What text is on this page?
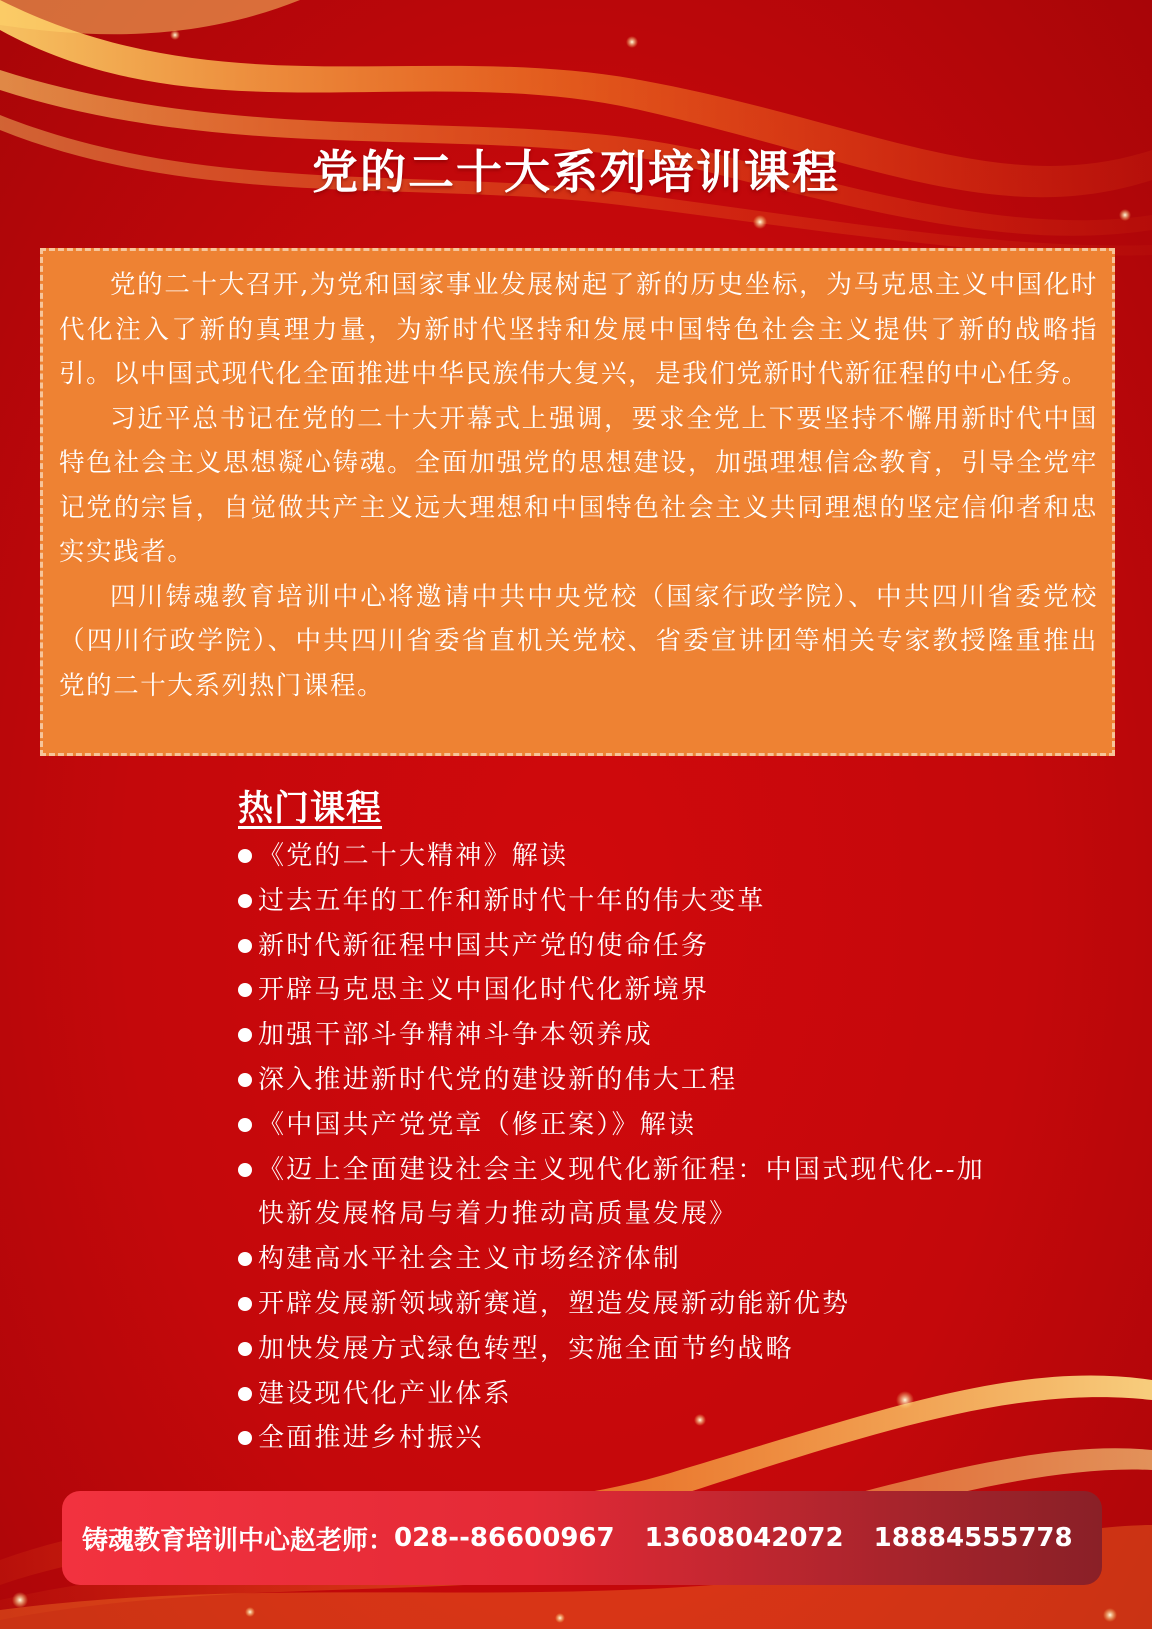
党的二十大系列培训课程

党的二十大召开,为党和国家事业发展树起了新的历史坐标，为马克思主义中国化时代化注入了新的真理力量，为新时代坚持和发展中国特色社会主义提供了新的战略指引。以中国式现代化全面推进中华民族伟大复兴，是我们党新时代新征程的中心任务。

习近平总书记在党的二十大开幕式上强调，要求全党上下要坚持不懈用新时代中国特色社会主义思想凝心铸魂。全面加强党的思想建设，加强理想信念教育，引导全党牢记党的宗旨，自觉做共产主义远大理想和中国特色社会主义共同理想的坚定信仰者和忠实实践者。

四川铸魂教育培训中心将邀请中共中央党校（国家行政学院）、中共四川省委党校（四川行政学院）、中共四川省委省直机关党校、省委宣讲团等相关专家教授隆重推出党的二十大系列热门课程。

热门课程
《党的二十大精神》解读
过去五年的工作和新时代十年的伟大变革
新时代新征程中国共产党的使命任务
开辟马克思主义中国化时代化新境界
加强干部斗争精神斗争本领养成
深入推进新时代党的建设新的伟大工程
《中国共产党党章（修正案）》解读
《迈上全面建设社会主义现代化新征程：中国式现代化--加快新发展格局与着力推动高质量发展》
构建高水平社会主义市场经济体制
开辟发展新领域新赛道，塑造发展新动能新优势
加快发展方式绿色转型，实施全面节约战略
建设现代化产业体系
全面推进乡村振兴
铸魂教育培训中心赵老师： 028--86600967 13608042072 18884555778
